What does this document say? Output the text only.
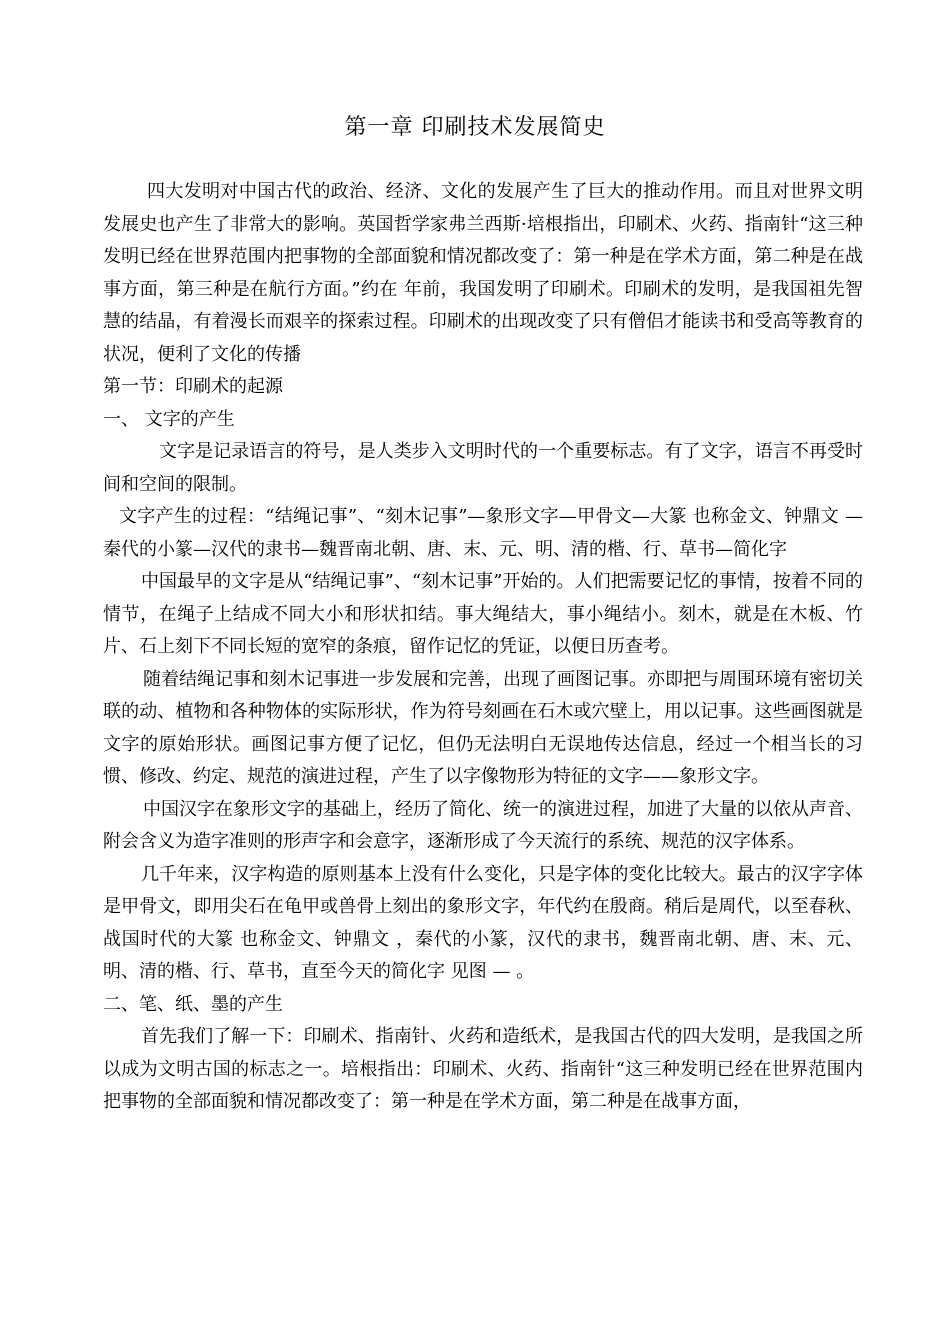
第一章 印刷技术发展简史

四大发明对中国古代的政治、经济、文化的发展产生了巨大的推动作用。而且对世界文明发展史也产生了非常大的影响。英国哲学家弗兰西斯·培根指出，印刷术、火药、指南针“这三种发明已经在世界范围内把事物的全部面貌和情况都改变了：第一种是在学术方面，第二种是在战事方面，第三种是在航行方面。”约在 年前，我国发明了印刷术。印刷术的发明，是我国祖先智慧的结晶，有着漫长而艰辛的探索过程。印刷术的出现改变了只有僧侣才能读书和受高等教育的状况，便利了文化的传播

第一节：印刷术的起源

一、 文字的产生

文字是记录语言的符号，是人类步入文明时代的一个重要标志。有了文字，语言不再受时间和空间的限制。

文字产生的过程：“结绳记事”、“刻木记事”—象形文字—甲骨文—大篆 也称金文、钟鼎文 —秦代的小篆—汉代的隶书—魏晋南北朝、唐、末、元、明、清的楷、行、草书—简化字

中国最早的文字是从“结绳记事”、“刻木记事”开始的。人们把需要记忆的事情，按着不同的情节，在绳子上结成不同大小和形状扣结。事大绳结大，事小绳结小。刻木，就是在木板、竹片、石上刻下不同长短的宽窄的条痕，留作记忆的凭证，以便日历查考。

随着结绳记事和刻木记事进一步发展和完善，出现了画图记事。亦即把与周围环境有密切关联的动、植物和各种物体的实际形状，作为符号刻画在石木或穴壁上，用以记事。这些画图就是文字的原始形状。画图记事方便了记忆，但仍无法明白无误地传达信息，经过一个相当长的习惯、修改、约定、规范的演进过程，产生了以字像物形为特征的文字——象形文字。

中国汉字在象形文字的基础上，经历了简化、统一的演进过程，加进了大量的以依从声音、附会含义为造字准则的形声字和会意字，逐渐形成了今天流行的系统、规范的汉字体系。

几千年来，汉字构造的原则基本上没有什么变化，只是字体的变化比较大。最古的汉字字体是甲骨文，即用尖石在龟甲或兽骨上刻出的象形文字，年代约在殷商。稍后是周代，以至春秋、战国时代的大篆 也称金文、钟鼎文 ，秦代的小篆，汉代的隶书，魏晋南北朝、唐、末、元、明、清的楷、行、草书，直至今天的简化字 见图 — 。

二、笔、纸、墨的产生

首先我们了解一下：印刷术、指南针、火药和造纸术，是我国古代的四大发明，是我国之所以成为文明古国的标志之一。培根指出：印刷术、火药、指南针“这三种发明已经在世界范围内把事物的全部面貌和情况都改变了：第一种是在学术方面，第二种是在战事方面，
